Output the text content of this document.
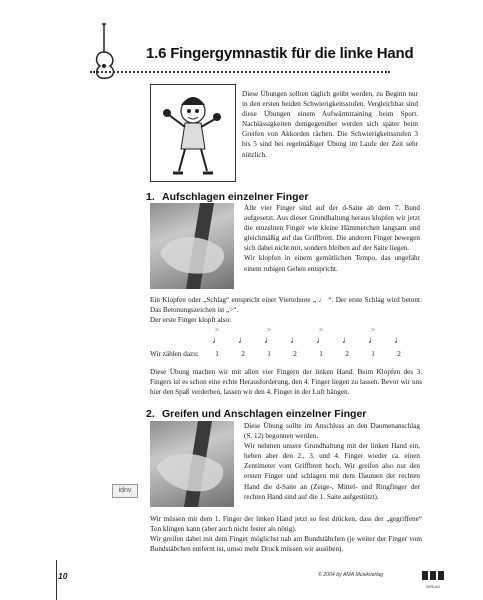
1.6 Fingergymnastik für die linke Hand
Diese Übungen sollten täglich geübt werden, zu Beginn nur in den ersten beiden Schwierigkeitsstufen. Vergleichbar sind diese Übungen einem Aufwärmtraining beim Sport. Nachlässigkeiten demgegenüber werden sich später beim Greifen von Akkorden rächen. Die Schwierigkeitsstufen 3 bis 5 sind bei regelmäßiger Übung im Laufe der Zeit sehr nützlich.
1. Aufschlagen einzelner Finger
Alle vier Finger sind auf der d-Saite ab dem 7. Bund aufgesetzt. Aus dieser Grundhaltung heraus klopfen wir jetzt die einzelnen Finger wie kleine Hämmerchen langsam und gleichmäßig auf das Griffbrett. Die anderen Finger bewegen sich dabei nicht mit, sondern bleiben auf der Saite liegen.
Wir klopfen in einem gemütlichen Tempo, das ungefähr einem ruhigen Gehen entspricht.
Ein Klopfen oder „Schlag“ entspricht einer Viertelnote „ ♩ “. Der erste Schlag wird betont: Das Betonungszeichen ist „>“.
Der erste Finger klopft also:
>	>	>	>
♩ ♩ ♩ ♩ ♩ ♩ ♩ ♩
Wir zählen dazu:	1	2	1	2	1	2	1	2
Diese Übung machen wir mit allen vier Fingern der linken Hand. Beim Klopfen des 3. Fingers ist es schon eine echte Herausforderung, den 4. Finger liegen zu lassen. Bevor wir uns hier den Spaß verderben, lassen wir den 4. Finger in der Luft hängen.
2. Greifen und Anschlagen einzelner Finger
idnv
Diese Übung sollte im Anschluss an den Daumenanschlag (S. 12) begonnen werden.
Wir nehmen unsere Grundhaltung mit der linken Hand ein, heben aber den 2., 3. und 4. Finger wieder ca. einen Zentimeter vom Griffbrett hoch. Wir greifen also nur den ersten Finger und schlagen mit dem Daumen der rechten Hand die d-Saite an (Zeige-, Mittel- und Ringfinger der rechten Hand sind auf die 1. Saite aufgestützt).
Wir müssen mit dem 1. Finger der linken Hand jetzt so fest drücken, dass der „gegriffene“ Ton klingen kann (aber auch nicht fester als nötig).
Wir greifen dabei mit dem Finger möglichst nah am Bundstäbchen (je weiter der Finger vom Bundstäbchen entfernt ist, umso mehr Druck müssen wir ausüben).
10	© 2004 by AMA Musikverlag
VERLAG
